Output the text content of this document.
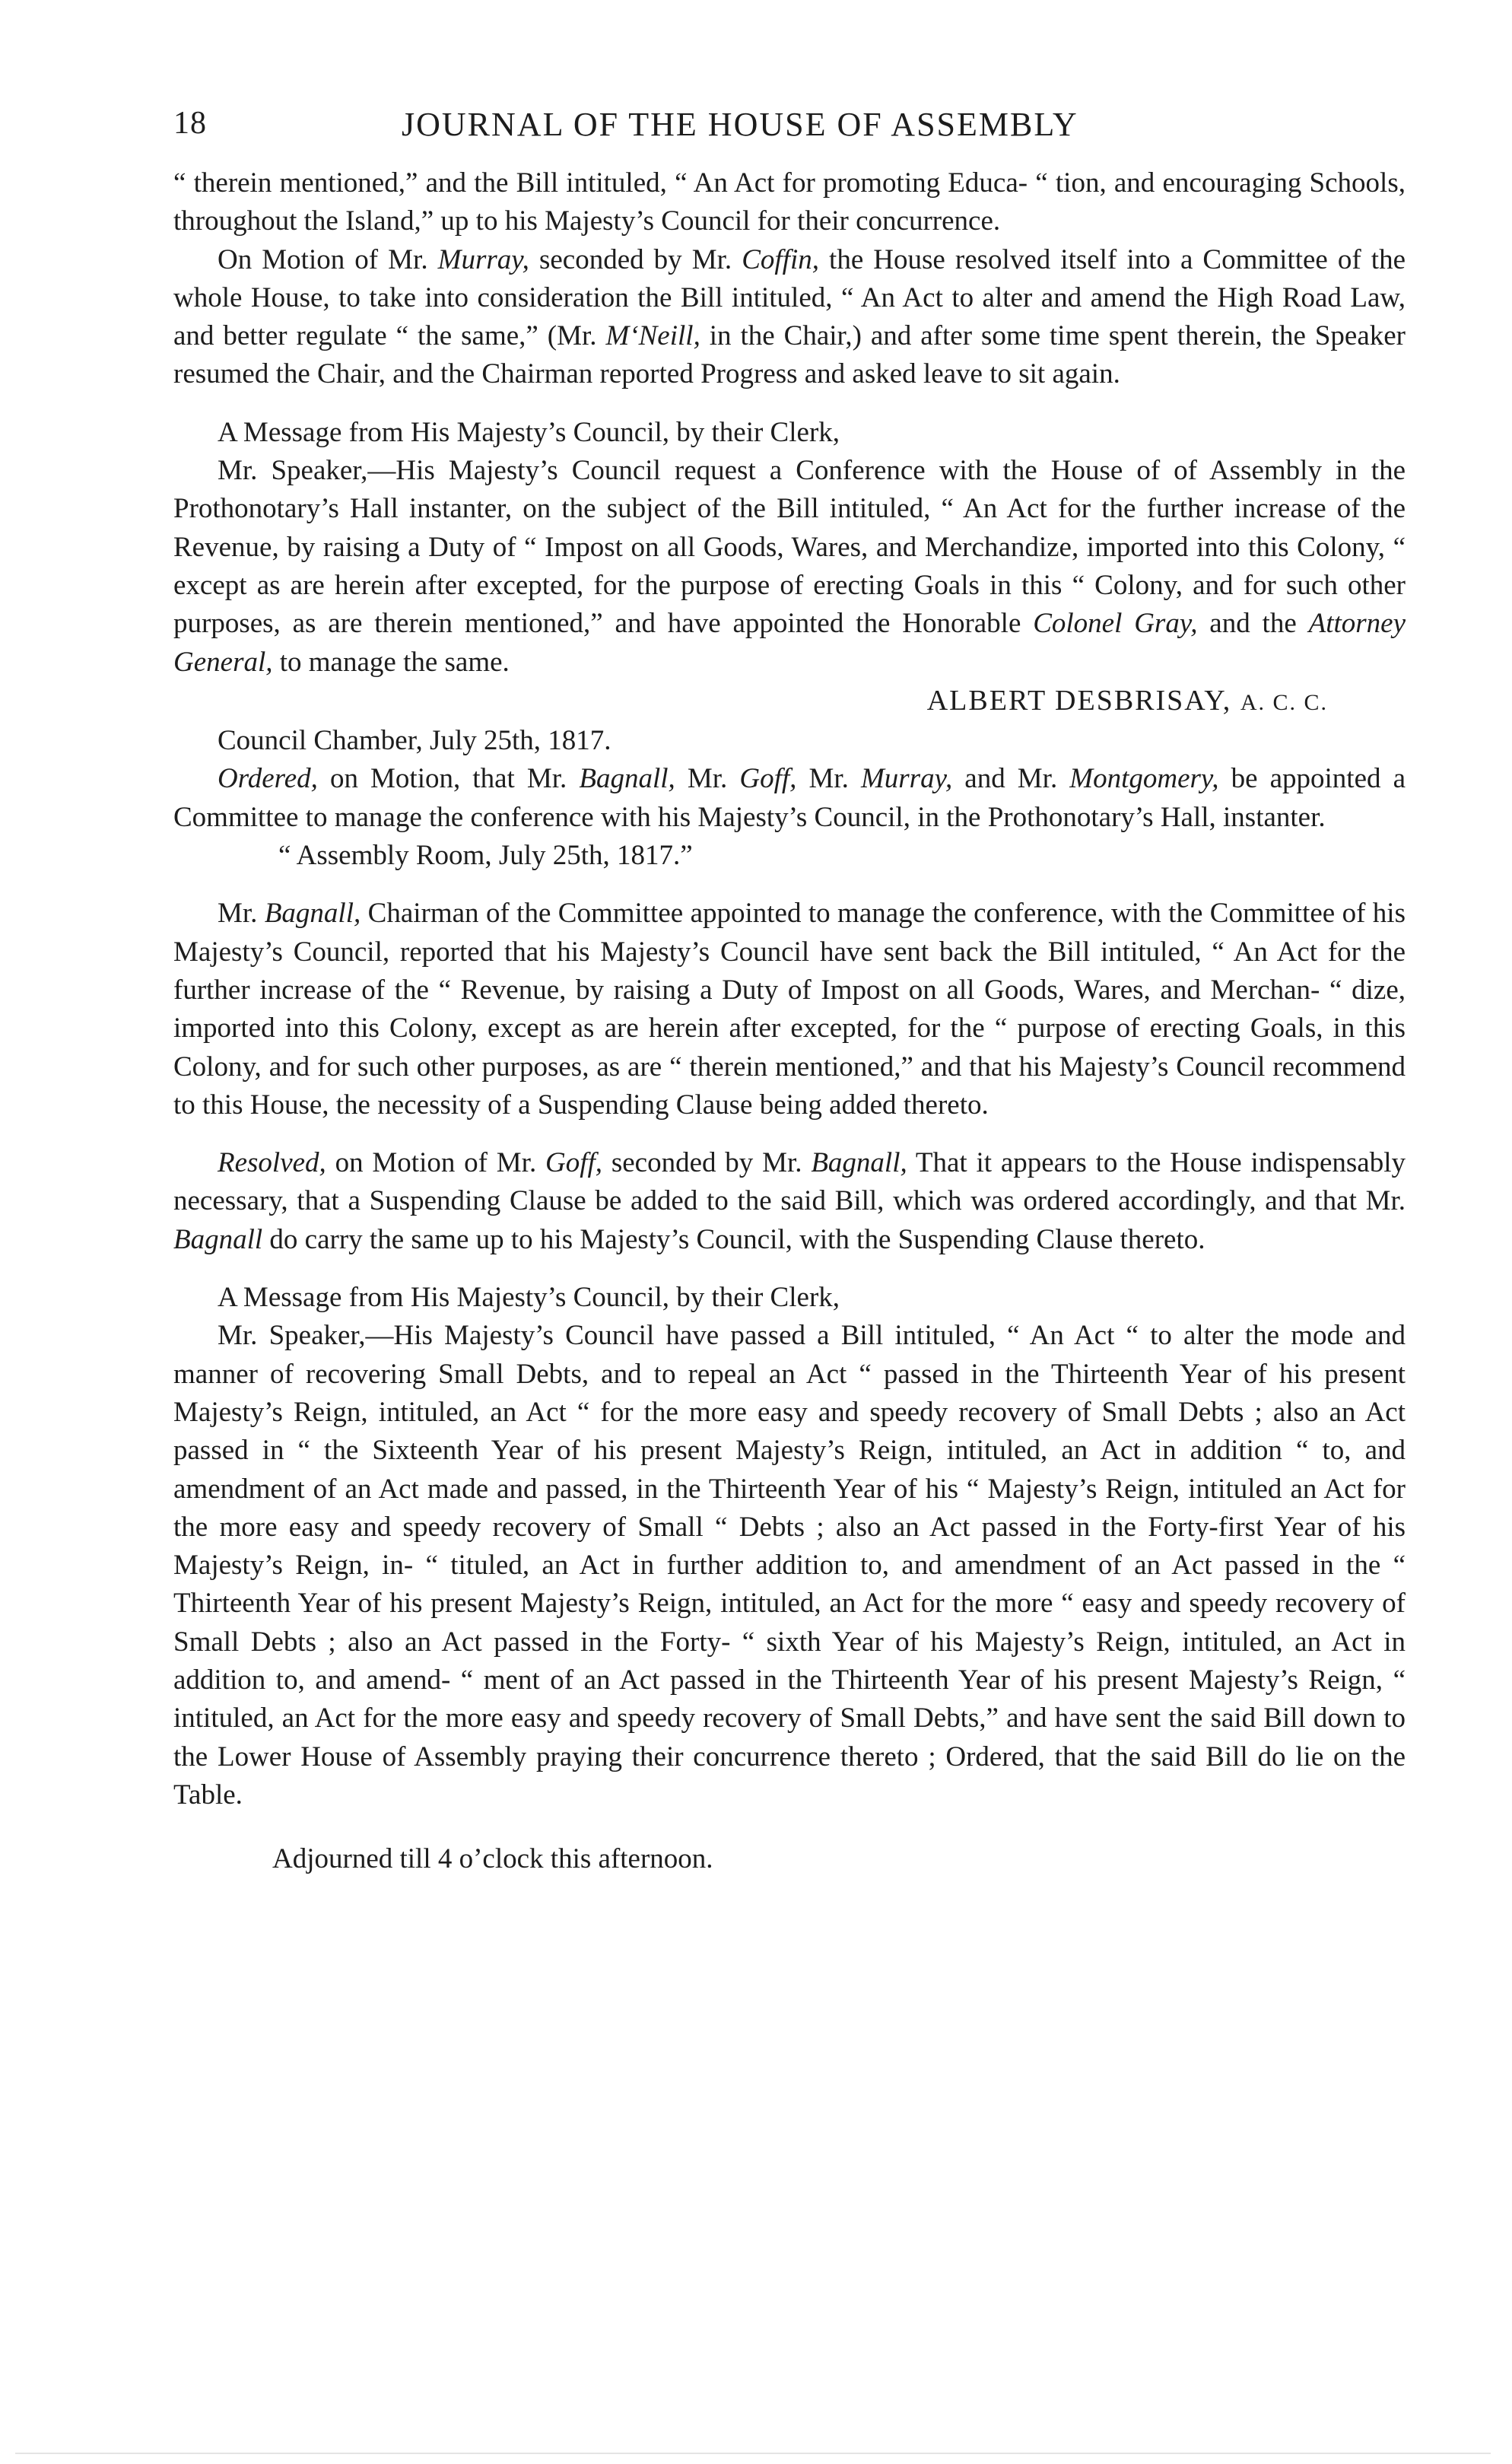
18	JOURNAL OF THE HOUSE OF ASSEMBLY

“ therein mentioned,” and the Bill intituled, “ An Act for promoting Educa- “ tion, and encouraging Schools, throughout the Island,” up to his Majesty’s Council for their concurrence.

On Motion of Mr. Murray, seconded by Mr. Coffin, the House resolved itself into a Committee of the whole House, to take into consideration the Bill intituled, “ An Act to alter and amend the High Road Law, and better regulate “ the same,” (Mr. M‘Neill, in the Chair,) and after some time spent therein, the Speaker resumed the Chair, and the Chairman reported Progress and asked leave to sit again.

A Message from His Majesty’s Council, by their Clerk,

Mr. Speaker,—His Majesty’s Council request a Conference with the House of of Assembly in the Prothonotary’s Hall instanter, on the subject of the Bill intituled, “ An Act for the further increase of the Revenue, by raising a Duty of “ Impost on all Goods, Wares, and Merchandize, imported into this Colony, “ except as are herein after excepted, for the purpose of erecting Goals in this “ Colony, and for such other purposes, as are therein mentioned,” and have appointed the Honorable Colonel Gray, and the Attorney General, to manage the same.

ALBERT DESBRISAY, A. C. C.

Council Chamber, July 25th, 1817.

Ordered, on Motion, that Mr. Bagnall, Mr. Goff, Mr. Murray, and Mr. Montgomery, be appointed a Committee to manage the conference with his Majesty’s Council, in the Prothonotary’s Hall, instanter.

“ Assembly Room, July 25th, 1817.”

Mr. Bagnall, Chairman of the Committee appointed to manage the conference, with the Committee of his Majesty’s Council, reported that his Majesty’s Council have sent back the Bill intituled, “ An Act for the further increase of the “ Revenue, by raising a Duty of Impost on all Goods, Wares, and Merchan- “ dize, imported into this Colony, except as are herein after excepted, for the “ purpose of erecting Goals, in this Colony, and for such other purposes, as are “ therein mentioned,” and that his Majesty’s Council recommend to this House, the necessity of a Suspending Clause being added thereto.

Resolved, on Motion of Mr. Goff, seconded by Mr. Bagnall, That it appears to the House indispensably necessary, that a Suspending Clause be added to the said Bill, which was ordered accordingly, and that Mr. Bagnall do carry the same up to his Majesty’s Council, with the Suspending Clause thereto.

A Message from His Majesty’s Council, by their Clerk,

Mr. Speaker,—His Majesty’s Council have passed a Bill intituled, “ An Act “ to alter the mode and manner of recovering Small Debts, and to repeal an Act “ passed in the Thirteenth Year of his present Majesty’s Reign, intituled, an Act “ for the more easy and speedy recovery of Small Debts ; also an Act passed in “ the Sixteenth Year of his present Majesty’s Reign, intituled, an Act in addition “ to, and amendment of an Act made and passed, in the Thirteenth Year of his “ Majesty’s Reign, intituled an Act for the more easy and speedy recovery of Small “ Debts ; also an Act passed in the Forty-first Year of his Majesty’s Reign, in- “ tituled, an Act in further addition to, and amendment of an Act passed in the “ Thirteenth Year of his present Majesty’s Reign, intituled, an Act for the more “ easy and speedy recovery of Small Debts ; also an Act passed in the Forty- “ sixth Year of his Majesty’s Reign, intituled, an Act in addition to, and amend- “ ment of an Act passed in the Thirteenth Year of his present Majesty’s Reign, “ intituled, an Act for the more easy and speedy recovery of Small Debts,” and have sent the said Bill down to the Lower House of Assembly praying their concurrence thereto ; Ordered, that the said Bill do lie on the Table.

Adjourned till 4 o’clock this afternoon.
